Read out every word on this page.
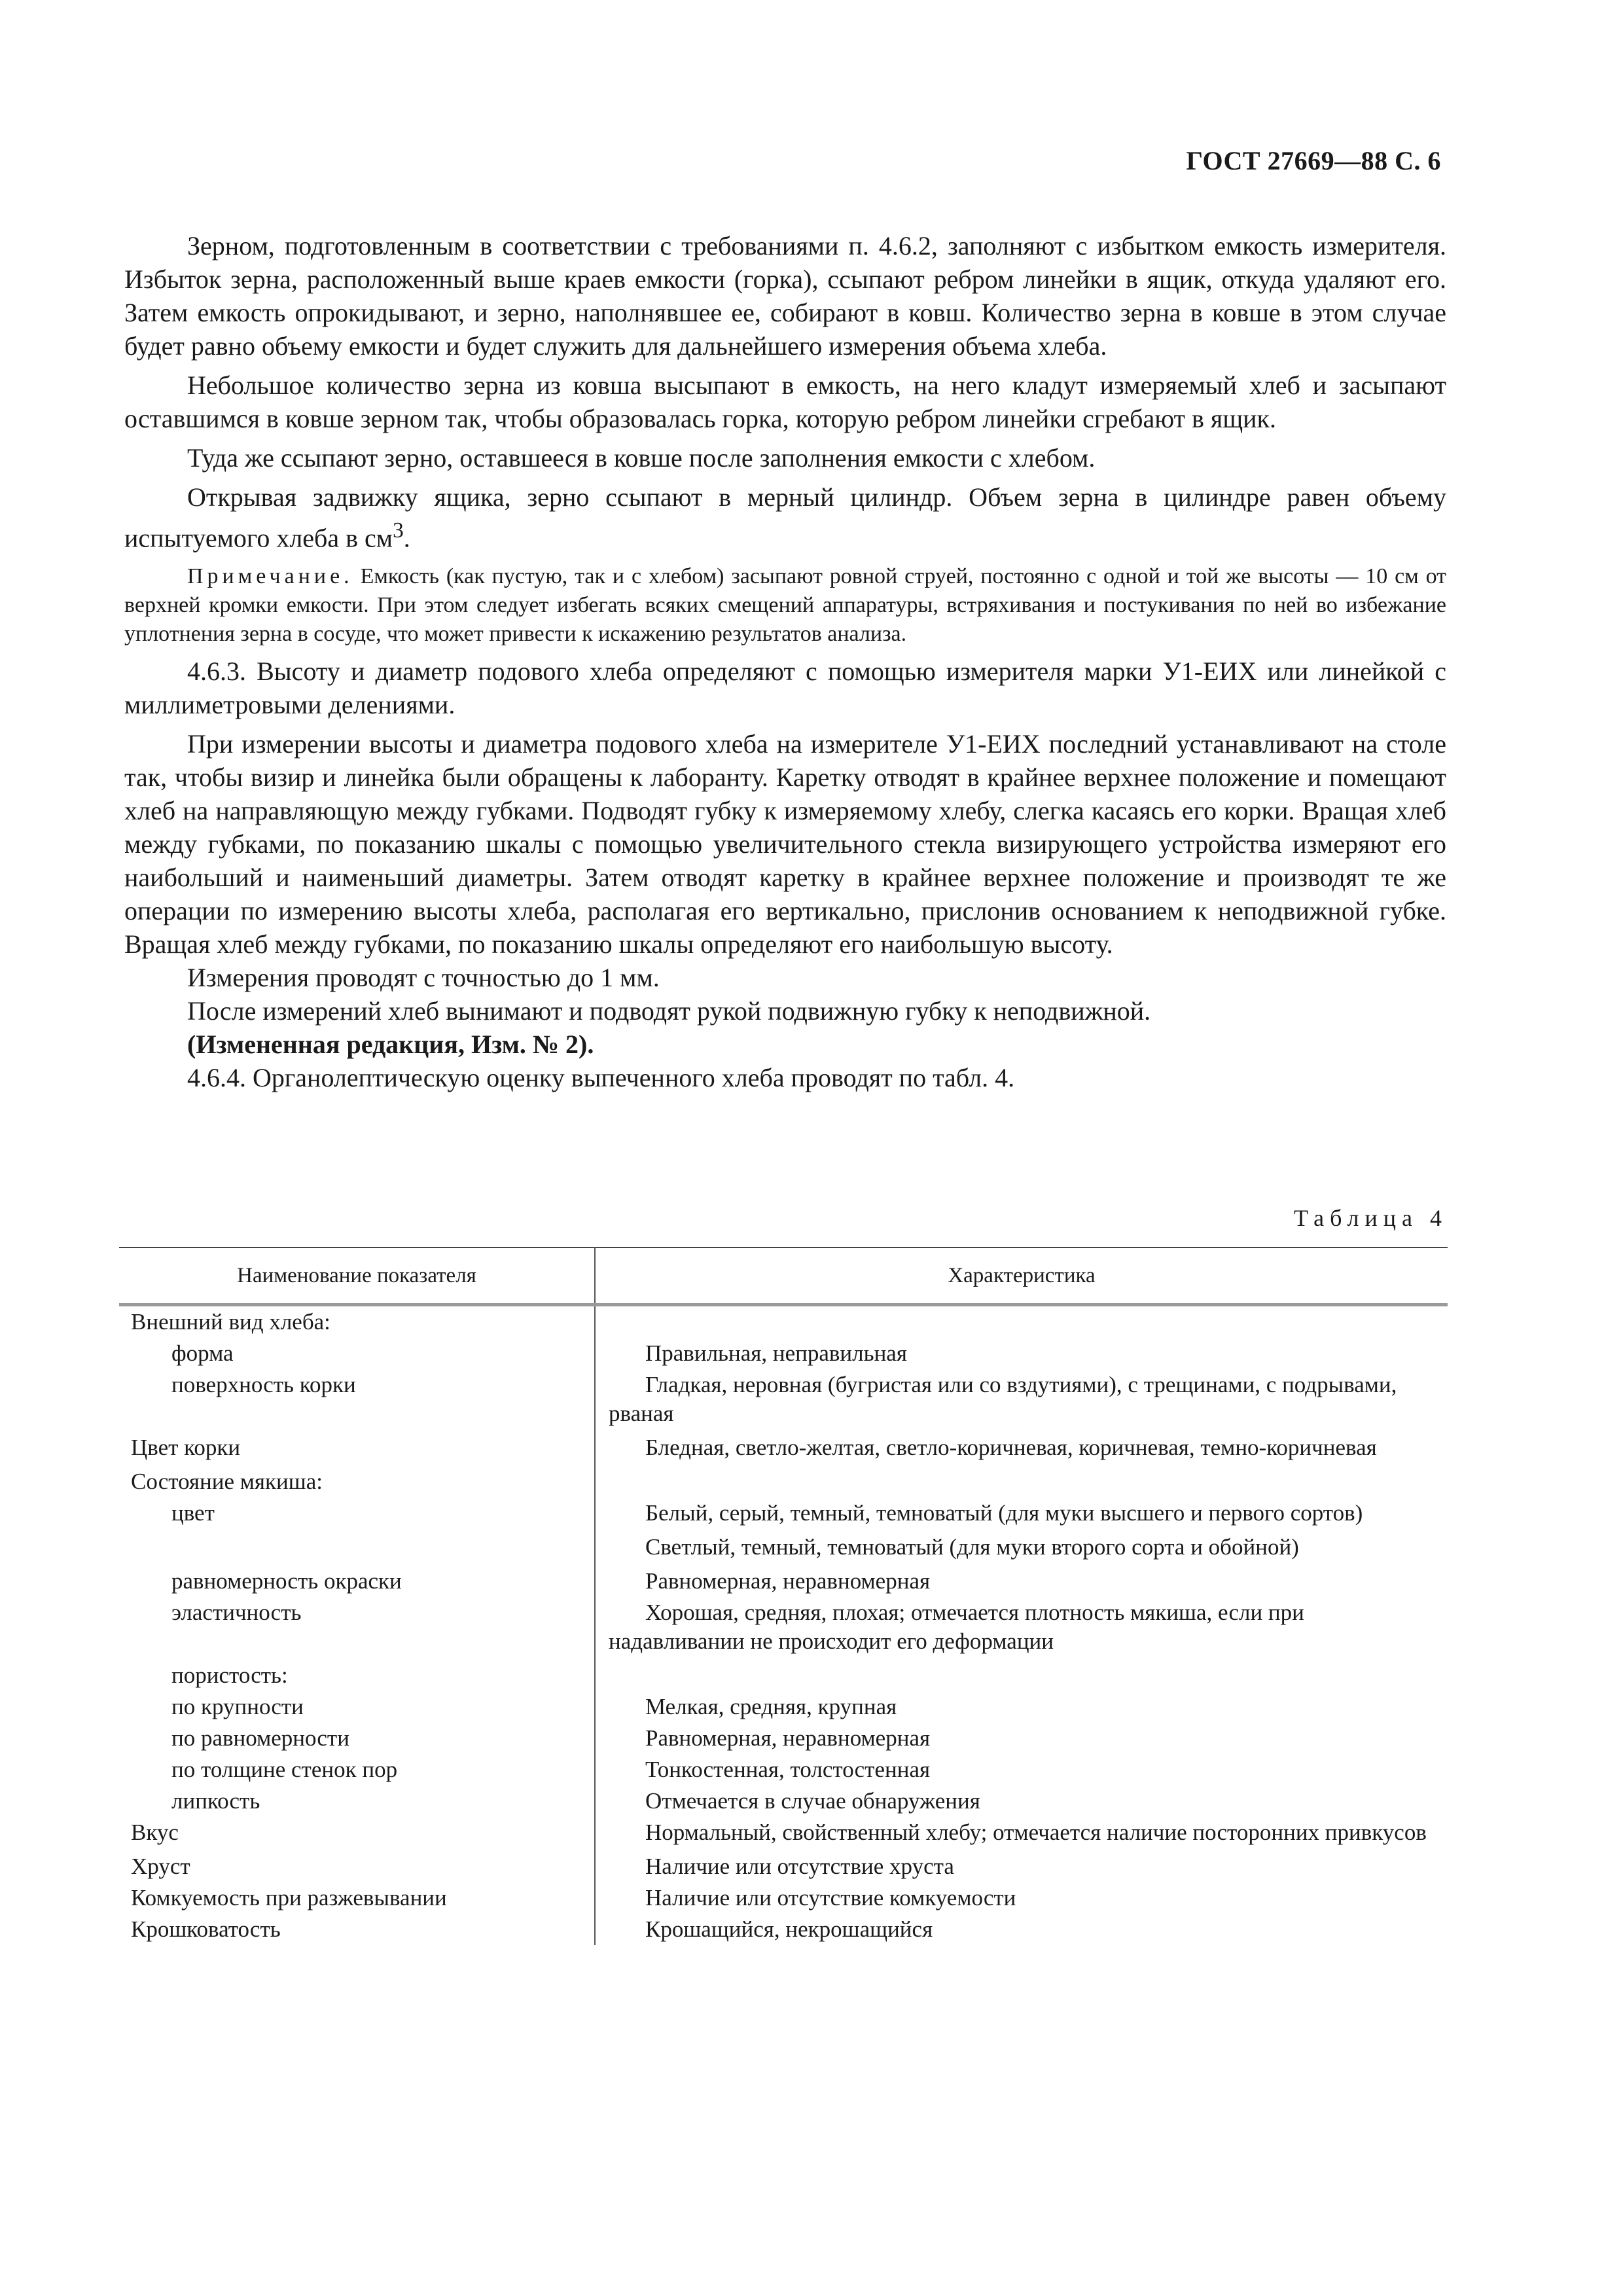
ГОСТ 27669—88 С. 6

Зерном, подготовленным в соответствии с требованиями п. 4.6.2, заполняют с избытком емкость измерителя. Избыток зерна, расположенный выше краев емкости (горка), ссыпают ребром линейки в ящик, откуда удаляют его. Затем емкость опрокидывают, и зерно, наполнявшее ее, собирают в ковш. Количество зерна в ковше в этом случае будет равно объему емкости и будет служить для дальнейшего измерения объема хлеба.

Небольшое количество зерна из ковша высыпают в емкость, на него кладут измеряемый хлеб и засыпают оставшимся в ковше зерном так, чтобы образовалась горка, которую ребром линейки сгребают в ящик.

Туда же ссыпают зерно, оставшееся в ковше после заполнения емкости с хлебом.

Открывая задвижку ящика, зерно ссыпают в мерный цилиндр. Объем зерна в цилиндре равен объему испытуемого хлеба в $см^3$.

Примечание. Емкость (как пустую, так и с хлебом) засыпают ровной струей, постоянно с одной и той же высоты — 10 см от верхней кромки емкости. При этом следует избегать всяких смещений аппаратуры, встряхивания и постукивания по ней во избежание уплотнения зерна в сосуде, что может привести к искажению результатов анализа.

4.6.3. Высоту и диаметр подового хлеба определяют с помощью измерителя марки У1-ЕИХ или линейкой с миллиметровыми делениями.

При измерении высоты и диаметра подового хлеба на измерителе У1-ЕИХ последний устанавливают на столе так, чтобы визир и линейка были обращены к лаборанту. Каретку отводят в крайнее верхнее положение и помещают хлеб на направляющую между губками. Подводят губку к измеряемому хлебу, слегка касаясь его корки. Вращая хлеб между губками, по показанию шкалы с помощью увеличительного стекла визирующего устройства измеряют его наибольший и наименьший диаметры. Затем отводят каретку в крайнее верхнее положение и производят те же операции по измерению высоты хлеба, располагая его вертикально, прислонив основанием к неподвижной губке. Вращая хлеб между губками, по показанию шкалы определяют его наибольшую высоту.

Измерения проводят с точностью до 1 мм.

После измерений хлеб вынимают и подводят рукой подвижную губку к неподвижной.

(Измененная редакция, Изм. № 2).

4.6.4. Органолептическую оценку выпеченного хлеба проводят по табл. 4.

Таблица 4
Наименование показателя	Характеристика

Внешний вид хлеба:	

форма	Правильная, неправильная

поверхность корки	Гладкая, неровная (бугристая или со вздутиями), с трещинами, с подрывами, рваная

Цвет корки	Бледная, светло-желтая, светло-коричневая, коричневая, темно-коричневая

Состояние мякиша:	

цвет	Белый, серый, темный, темноватый (для муки высшего и первого сортов)

	Светлый, темный, темноватый (для муки второго сорта и обойной)

равномерность окраски	Равномерная, неравномерная

эластичность	Хорошая, средняя, плохая; отмечается плотность мякиша, если при надавливании не происходит его деформации

пористость:	

по крупности	Мелкая, средняя, крупная

по равномерности	Равномерная, неравномерная

по толщине стенок пор	Тонкостенная, толстостенная

липкость	Отмечается в случае обнаружения

Вкус	Нормальный, свойственный хлебу; отмечается наличие посторонних привкусов

Хруст	Наличие или отсутствие хруста

Комкуемость при разжевывании	Наличие или отсутствие комкуемости

Крошковатость	Крошащийся, некрошащийся
